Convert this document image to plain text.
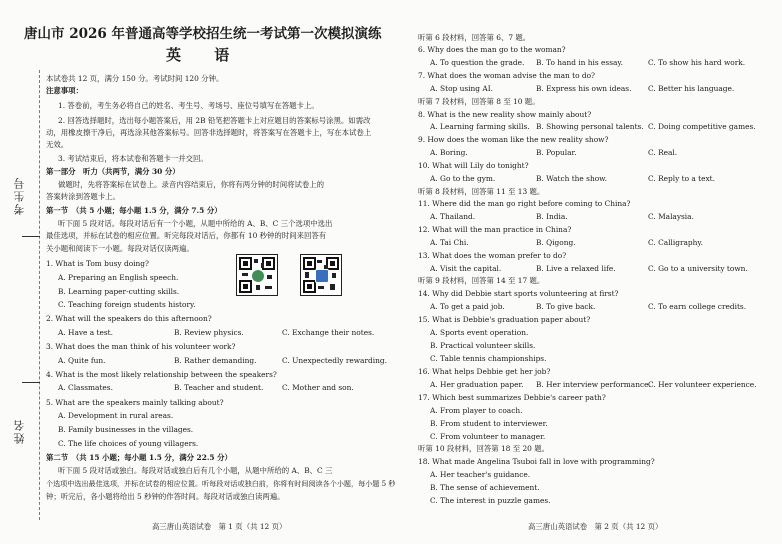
考生号
姓名
唐山市 2026 年普通高等学校招生统一考试第一次模拟演练
英 语
本试卷共 12 页，满分 150 分。考试时间 120 分钟。
注意事项：
1. 答卷前，考生务必将自己的姓名、考生号、考场号、座位号填写在答题卡上。
2. 回答选择题时，选出每小题答案后，用 2B 铅笔把答题卡上对应题目的答案标号涂黑。如需改
动，用橡皮擦干净后，再选涂其他答案标号。回答非选择题时，将答案写在答题卡上，写在本试卷上
无效。
3. 考试结束后，将本试卷和答题卡一并交回。
第一部分　听力（共两节，满分 30 分）
做题时，先将答案标在试卷上。录音内容结束后，你将有两分钟的时间将试卷上的
答案转涂到答题卡上。
第一节　（共 5 小题；每小题 1.5 分，满分 7.5 分）
听下面 5 段对话。每段对话后有一个小题，从题中所给的 A、B、C 三个选项中选出
最佳选项，并标在试卷的相应位置。听完每段对话后，你都有 10 秒钟的时间来回答有
关小题和阅读下一小题。每段对话仅读两遍。
1. What is Tom busy doing?
A. Preparing an English speech.
B. Learning paper-cutting skills.
C. Teaching foreign students history.
2. What will the speakers do this afternoon?
A. Have a test.	B. Review physics.	C. Exchange their notes.
3. What does the man think of his volunteer work?
A. Quite fun.	B. Rather demanding.	C. Unexpectedly rewarding.
4. What is the most likely relationship between the speakers?
A. Classmates.	B. Teacher and student.	C. Mother and son.
5. What are the speakers mainly talking about?
A. Development in rural areas.
B. Family businesses in the villages.
C. The life choices of young villagers.
第二节　（共 15 小题；每小题 1.5 分，满分 22.5 分）
听下面 5 段对话或独白。每段对话或独白后有几个小题，从题中所给的 A、B、C 三
个选项中选出最佳选项，并标在试卷的相应位置。听每段对话或独白前，你将有时间阅读各个小题，每小题 5 秒
钟；听完后，各小题将给出 5 秒钟的作答时间。每段对话或独白读两遍。
高三唐山英语试卷　第 1 页（共 12 页）
听第 6 段材料，回答第 6、7 题。
6. Why does the man go to the woman?
A. To question the grade. B. To hand in his essay.	C. To show his hard work.
7. What does the woman advise the man to do?
A. Stop using AI.	B. Express his own ideas. C. Better his language.
听第 7 段材料，回答第 8 至 10 题。
8. What is the new reality show mainly about?
A. Learning farming skills. B. Showing personal talents. C. Doing competitive games.
9. How does the woman like the new reality show?
A. Boring.	B. Popular.	C. Real.
10. What will Lily do tonight?
A. Go to the gym.	B. Watch the show.	C. Reply to a text.
听第 8 段材料，回答第 11 至 13 题。
11. Where did the man go right before coming to China?
A. Thailand.	B. India.	C. Malaysia.
12. What will the man practice in China?
A. Tai Chi.	B. Qigong.	C. Calligraphy.
13. What does the woman prefer to do?
A. Visit the capital.	B. Live a relaxed life.	C. Go to a university town.
听第 9 段材料，回答第 14 至 17 题。
14. Why did Debbie start sports volunteering at first?
A. To get a paid job.	B. To give back.	C. To earn college credits.
15. What is Debbie's graduation paper about?
A. Sports event operation.
B. Practical volunteer skills.
C. Table tennis championships.
16. What helps Debbie get her job?
A. Her graduation paper. B. Her interview performance.
C. Her volunteer experience.
17. Which best summarizes Debbie's career path?
A. From player to coach.
B. From student to interviewer.
C. From volunteer to manager.
听第 10 段材料，回答第 18 至 20 题。
18. What made Angelina Tsuboi fall in love with programming?
A. Her teacher's guidance.
B. The sense of achievement.
C. The interest in puzzle games.
高三唐山英语试卷　第 2 页（共 12 页）
